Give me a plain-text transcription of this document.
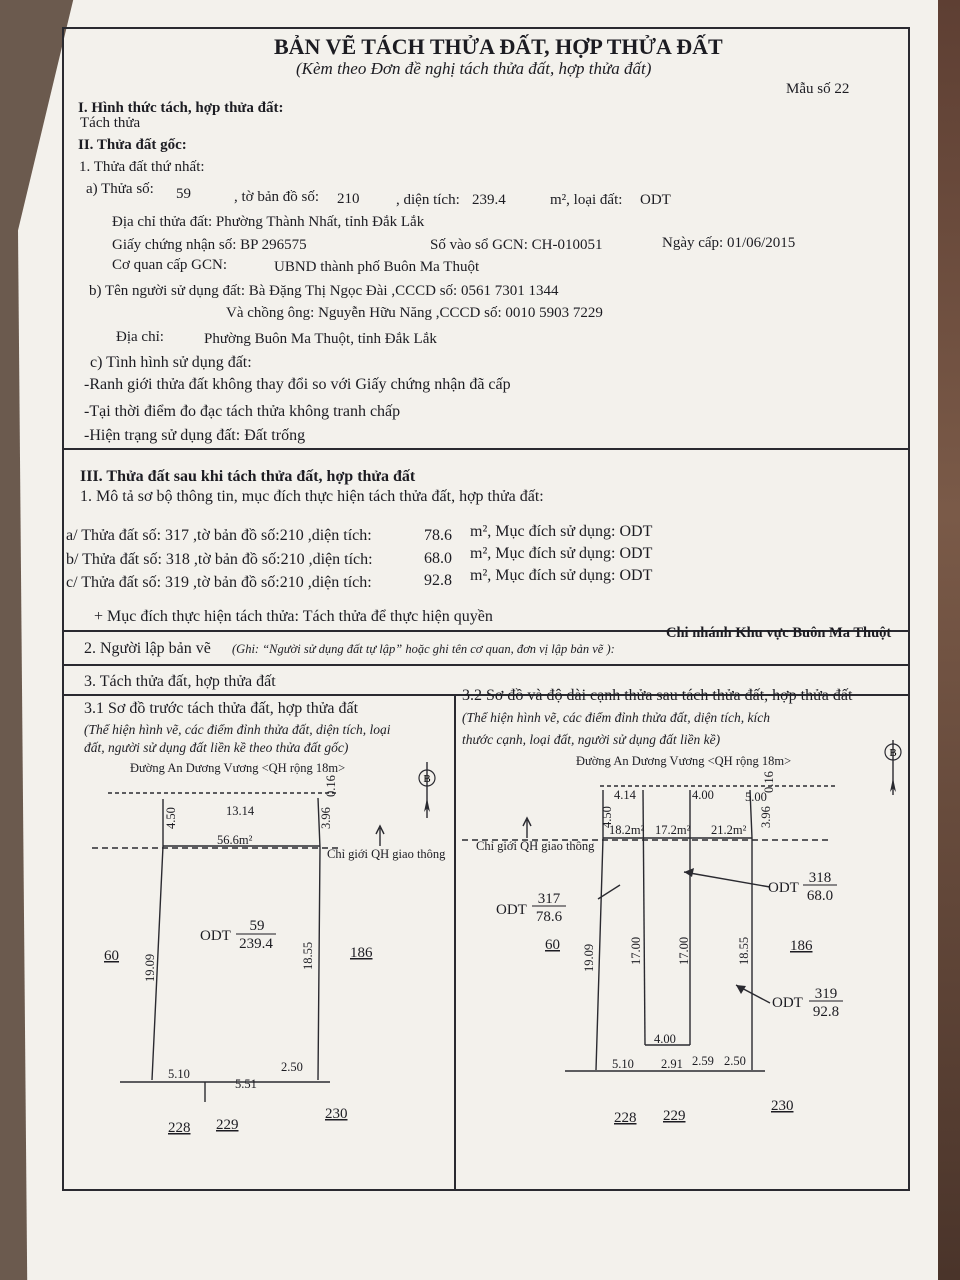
BẢN VẼ TÁCH THỬA ĐẤT, HỢP THỬA ĐẤT
(Kèm theo Đơn đề nghị tách thửa đất, hợp thửa đất)
Mẫu số 22
I. Hình thức tách, hợp thửa đất:
Tách thửa
II. Thửa đất gốc:
1. Thửa đất thứ nhất:
a) Thửa số: 59	, tờ bản đồ số: 210 , diện tích: 239.4	m², loại đất: ODT
Địa chỉ thửa đất: Phường Thành Nhất, tỉnh Đắk Lắk
Giấy chứng nhận số: BP 296575	Số vào sổ GCN: CH-010051	Ngày cấp: 01/06/2015
Cơ quan cấp GCN:	UBND thành phố Buôn Ma Thuột
b) Tên người sử dụng đất: Bà Đặng Thị Ngọc Đài ,CCCD số: 0561 7301 1344
Và chồng ông: Nguyễn Hữu Năng ,CCCD số: 0010 5903 7229
Địa chỉ:	Phường Buôn Ma Thuột, tỉnh Đắk Lắk
c) Tình hình sử dụng đất:
-Ranh giới thửa đất không thay đổi so với Giấy chứng nhận đã cấp
-Tại thời điểm đo đạc tách thửa không tranh chấp
-Hiện trạng sử dụng đất: Đất trống
III. Thửa đất sau khi tách thửa đất, hợp thửa đất
1. Mô tả sơ bộ thông tin, mục đích thực hiện tách thửa đất, hợp thửa đất:
a/ Thửa đất số: 317 ,tờ bản đồ số:210 ,diện tích:	78.6 m², Mục đích sử dụng: ODT
b/ Thửa đất số: 318 ,tờ bản đồ số:210 ,diện tích:	68.0 m², Mục đích sử dụng: ODT
c/ Thửa đất số: 319 ,tờ bản đồ số:210 ,diện tích:	92.8 m², Mục đích sử dụng: ODT
+ Mục đích thực hiện tách thửa: Tách thửa để thực hiện quyền
2. Người lập bản vẽ (Ghi: “Người sử dụng đất tự lập” hoặc ghi tên cơ quan, đơn vị lập bản vẽ ):
Chi nhánh Khu vực Buôn Ma Thuột
3. Tách thửa đất, hợp thửa đất
3.1 Sơ đồ trước tách thửa đất, hợp thửa đất
(Thể hiện hình vẽ, các điểm đỉnh thửa đất, diện tích, loại
đất, người sử dụng đất liền kề theo thửa đất gốc)
3.2 Sơ đồ và độ dài cạnh thửa sau tách thửa đất, hợp thửa đất
(Thể hiện hình vẽ, các điểm đỉnh thửa đất, diện tích, kích
thước cạnh, loại đất, người sử dụng đất liền kề)
B
Đường An Dương Vương <QH rộng 18m>
13.14
4.50	3.96
0.16
56.6m²
Chỉ giới QH giao thông
ODT
59
239.4
19.09	18.55
60	186
5.10	2.50
5.51
228 229
230
B
Đường An Dương Vương <QH rộng 18m>
4.14	4.00 5.00
4.50	3.96
0.16
18.2m² 17.2m² 21.2m²
Chỉ giới QH giao thông
ODT
317
78.6
ODT
318
68.0
ODT
319
92.8
60	186
19.09	17.00	17.00	18.55
4.00
5.10 2.91 2.59 2.50
228 229
230
